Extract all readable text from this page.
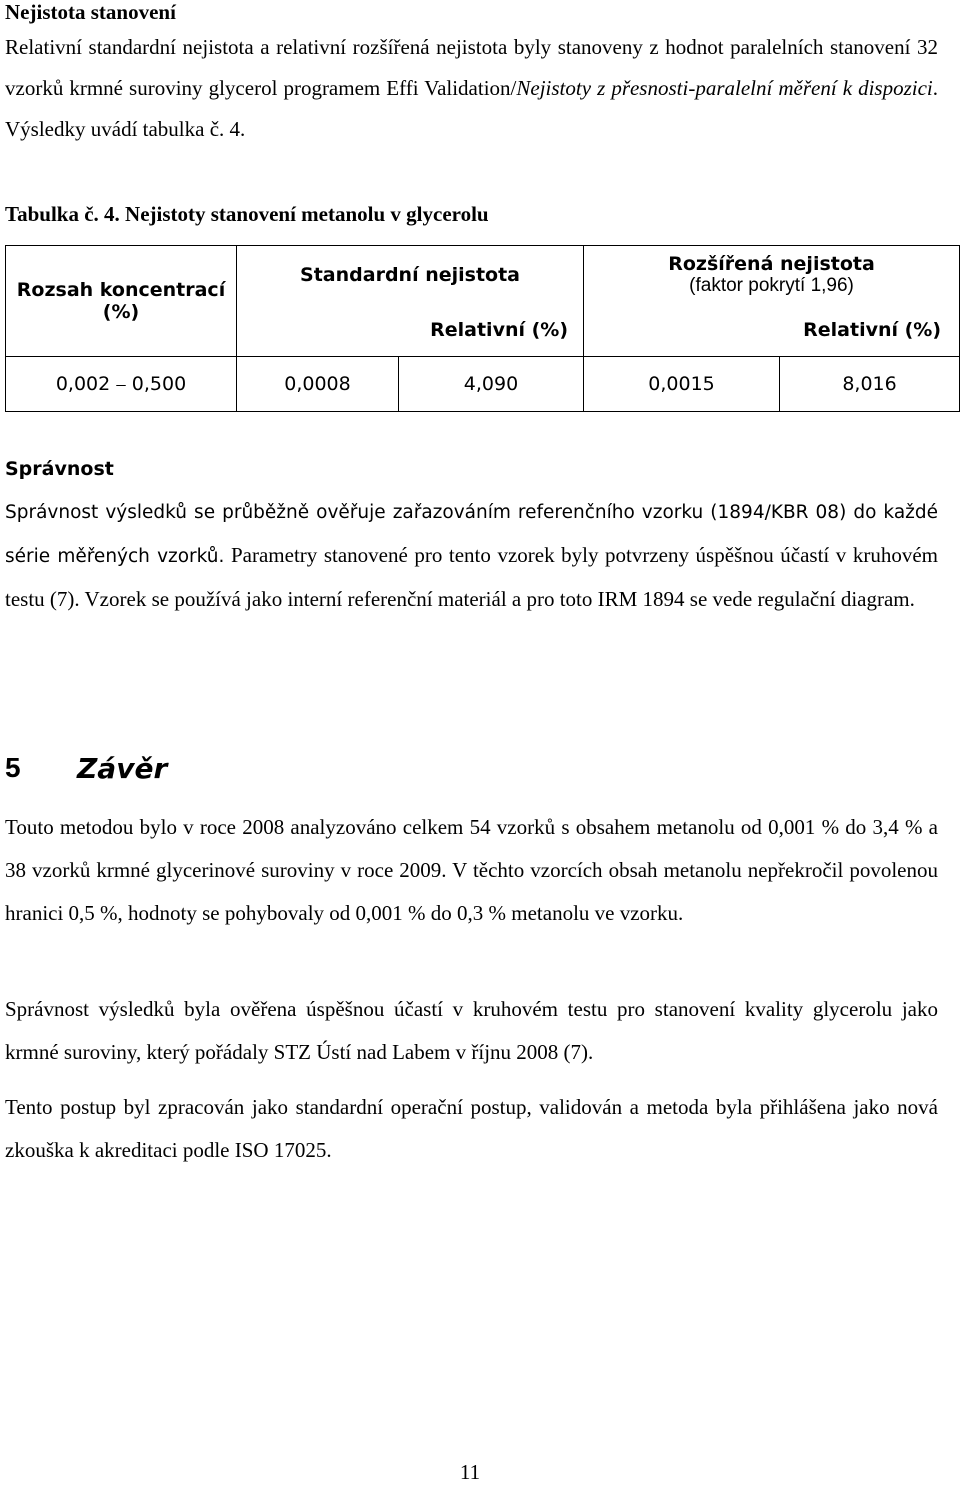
Nejistota stanovení
Relativní standardní nejistota a relativní rozšířená nejistota byly stanoveny z hodnot paralelních stanovení 32 vzorků krmné suroviny glycerol programem Effi Validation/Nejistoty z přesnosti-paralelní měření k dispozici. Výsledky uvádí tabulka č. 4.
Tabulka č. 4. Nejistoty stanovení metanolu v glycerolu
Rozsah koncentrací (%)	Standardní nejistota		Rozšířená nejistota
(faktor pokrytí 1,96)	

	Relativní (%)		Relativní (%)	
0,002 ⎯ 0,500	0,0008	4,090	0,0015	8,016
Správnost
Správnost výsledků se průběžně ověřuje zařazováním referenčního vzorku (1894/KBR 08) do každé série měřených vzorků. Parametry stanovené pro tento vzorek byly potvrzeny úspěšnou účastí v kruhovém testu (7). Vzorek se používá jako interní referenční materiál a pro toto IRM 1894 se vede regulační diagram.
5 Závěr
Touto metodou bylo v roce 2008 analyzováno celkem 54 vzorků s obsahem metanolu od 0,001 % do 3,4 % a 38 vzorků krmné glycerinové suroviny v roce 2009. V těchto vzorcích obsah metanolu nepřekročil povolenou hranici 0,5 %, hodnoty se pohybovaly od 0,001 % do 0,3 % metanolu ve vzorku.
Správnost výsledků byla ověřena úspěšnou účastí v kruhovém testu pro stanovení kvality glycerolu jako krmné suroviny, který pořádaly STZ Ústí nad Labem v říjnu 2008 (7).
Tento postup byl zpracován jako standardní operační postup, validován a metoda byla přihlášena jako nová zkouška k akreditaci podle ISO 17025.
11
